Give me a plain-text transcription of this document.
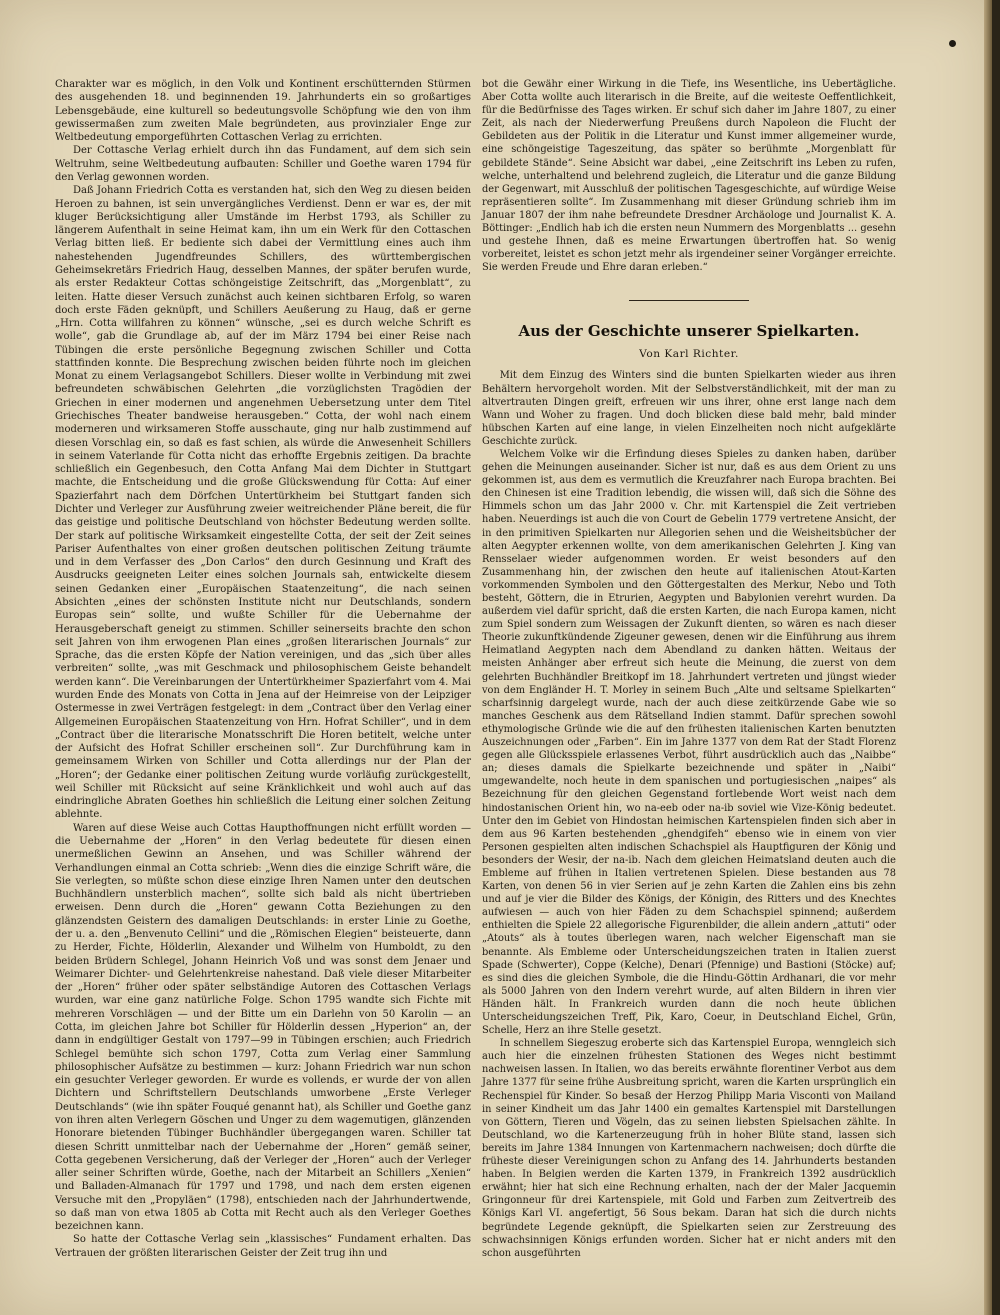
Charakter war es möglich, in den Volk und Kontinent erschütternden Stürmen des ausgehenden 18. und beginnenden 19. Jahrhunderts ein so großartiges Lebensgebäude, eine kulturell so bedeutungsvolle Schöpfung wie den von ihm gewissermaßen zum zweiten Male begründeten, aus provinzialer Enge zur Weltbedeutung emporgeführten Cottaschen Verlag zu errichten.

Der Cottasche Verlag erhielt durch ihn das Fundament, auf dem sich sein Weltruhm, seine Weltbedeutung aufbauten: Schiller und Goethe waren 1794 für den Verlag gewonnen worden.

Daß Johann Friedrich Cotta es verstanden hat, sich den Weg zu diesen beiden Heroen zu bahnen, ist sein unvergängliches Verdienst. Denn er war es, der mit kluger Berücksichtigung aller Umstände im Herbst 1793, als Schiller zu längerem Aufenthalt in seine Heimat kam, ihn um ein Werk für den Cottaschen Verlag bitten ließ. Er bediente sich dabei der Vermittlung eines auch ihm nahestehenden Jugendfreundes Schillers, des württembergischen Geheimsekretärs Friedrich Haug, desselben Mannes, der später berufen wurde, als erster Redakteur Cottas schöngeistige Zeitschrift, das „Morgenblatt“, zu leiten. Hatte dieser Versuch zunächst auch keinen sichtbaren Erfolg, so waren doch erste Fäden geknüpft, und Schillers Aeußerung zu Haug, daß er gerne „Hrn. Cotta willfahren zu können“ wünsche, „sei es durch welche Schrift es wolle“, gab die Grundlage ab, auf der im März 1794 bei einer Reise nach Tübingen die erste persönliche Begegnung zwischen Schiller und Cotta stattfinden konnte. Die Besprechung zwischen beiden führte noch im gleichen Monat zu einem Verlagsangebot Schillers. Dieser wollte in Verbindung mit zwei befreundeten schwäbischen Gelehrten „die vorzüglichsten Tragödien der Griechen in einer modernen und angenehmen Uebersetzung unter dem Titel Griechisches Theater bandweise herausgeben.“ Cotta, der wohl nach einem moderneren und wirksameren Stoffe ausschaute, ging nur halb zustimmend auf diesen Vorschlag ein, so daß es fast schien, als würde die Anwesenheit Schillers in seinem Vaterlande für Cotta nicht das erhoffte Ergebnis zeitigen. Da brachte schließlich ein Gegenbesuch, den Cotta Anfang Mai dem Dichter in Stuttgart machte, die Entscheidung und die große Glückswendung für Cotta: Auf einer Spazierfahrt nach dem Dörfchen Untertürkheim bei Stuttgart fanden sich Dichter und Verleger zur Ausführung zweier weitreichender Pläne bereit, die für das geistige und politische Deutschland von höchster Bedeutung werden sollte. Der stark auf politische Wirksamkeit eingestellte Cotta, der seit der Zeit seines Pariser Aufenthaltes von einer großen deutschen politischen Zeitung träumte und in dem Verfasser des „Don Carlos“ den durch Gesinnung und Kraft des Ausdrucks geeigneten Leiter eines solchen Journals sah, entwickelte diesem seinen Gedanken einer „Europäischen Staatenzeitung“, die nach seinen Absichten „eines der schönsten Institute nicht nur Deutschlands, sondern Europas sein“ sollte, und wußte Schiller für die Uebernahme der Herausgeberschaft geneigt zu stimmen. Schiller seinerseits brachte den schon seit Jahren von ihm erwogenen Plan eines „großen literarischen Journals“ zur Sprache, das die ersten Köpfe der Nation vereinigen, und das „sich über alles verbreiten“ sollte, „was mit Geschmack und philosophischem Geiste behandelt werden kann“. Die Vereinbarungen der Untertürkheimer Spazierfahrt vom 4. Mai wurden Ende des Monats von Cotta in Jena auf der Heimreise von der Leipziger Ostermesse in zwei Verträgen festgelegt: in dem „Contract über den Verlag einer Allgemeinen Europäischen Staatenzeitung von Hrn. Hofrat Schiller“, und in dem „Contract über die literarische Monatsschrift Die Horen betitelt, welche unter der Aufsicht des Hofrat Schiller erscheinen soll“. Zur Durchführung kam in gemeinsamem Wirken von Schiller und Cotta allerdings nur der Plan der „Horen“; der Gedanke einer politischen Zeitung wurde vorläufig zurückgestellt, weil Schiller mit Rücksicht auf seine Kränklichkeit und wohl auch auf das eindringliche Abraten Goethes hin schließlich die Leitung einer solchen Zeitung ablehnte.

Waren auf diese Weise auch Cottas Haupthoffnungen nicht erfüllt worden — die Uebernahme der „Horen“ in den Verlag bedeutete für diesen einen unermeßlichen Gewinn an Ansehen, und was Schiller während der Verhandlungen einmal an Cotta schrieb: „Wenn dies die einzige Schrift wäre, die Sie verlegten, so müßte schon diese einzige Ihren Namen unter den deutschen Buchhändlern unsterblich machen“, sollte sich bald als nicht übertrieben erweisen. Denn durch die „Horen“ gewann Cotta Beziehungen zu den glänzendsten Geistern des damaligen Deutschlands: in erster Linie zu Goethe, der u. a. den „Benvenuto Cellini“ und die „Römischen Elegien“ beisteuerte, dann zu Herder, Fichte, Hölderlin, Alexander und Wilhelm von Humboldt, zu den beiden Brüdern Schlegel, Johann Heinrich Voß und was sonst dem Jenaer und Weimarer Dichter- und Gelehrtenkreise nahestand. Daß viele dieser Mitarbeiter der „Horen“ früher oder später selbständige Autoren des Cottaschen Verlags wurden, war eine ganz natürliche Folge. Schon 1795 wandte sich Fichte mit mehreren Vorschlägen — und der Bitte um ein Darlehn von 50 Karolin — an Cotta, im gleichen Jahre bot Schiller für Hölderlin dessen „Hyperion“ an, der dann in endgültiger Gestalt von 1797—99 in Tübingen erschien; auch Friedrich Schlegel bemühte sich schon 1797, Cotta zum Verlag einer Sammlung philosophischer Aufsätze zu bestimmen — kurz: Johann Friedrich war nun schon ein gesuchter Verleger geworden. Er wurde es vollends, er wurde der von allen Dichtern und Schriftstellern Deutschlands umworbene „Erste Verleger Deutschlands“ (wie ihn später Fouqué genannt hat), als Schiller und Goethe ganz von ihren alten Verlegern Göschen und Unger zu dem wagemutigen, glänzenden Honorare bietenden Tübinger Buchhändler übergegangen waren. Schiller tat diesen Schritt unmittelbar nach der Uebernahme der „Horen“ gemäß seiner, Cotta gegebenen Versicherung, daß der Verleger der „Horen“ auch der Verleger aller seiner Schriften würde, Goethe, nach der Mitarbeit an Schillers „Xenien“ und Balladen-Almanach für 1797 und 1798, und nach dem ersten eigenen Versuche mit den „Propyläen“ (1798), entschieden nach der Jahrhundertwende, so daß man von etwa 1805 ab Cotta mit Recht auch als den Verleger Goethes bezeichnen kann.

So hatte der Cottasche Verlag sein „klassisches“ Fundament erhalten. Das Vertrauen der größten literarischen Geister der Zeit trug ihn und

bot die Gewähr einer Wirkung in die Tiefe, ins Wesentliche, ins Uebertägliche. Aber Cotta wollte auch literarisch in die Breite, auf die weiteste Oeffentlichkeit, für die Bedürfnisse des Tages wirken. Er schuf sich daher im Jahre 1807, zu einer Zeit, als nach der Niederwerfung Preußens durch Napoleon die Flucht der Gebildeten aus der Politik in die Literatur und Kunst immer allgemeiner wurde, eine schöngeistige Tageszeitung, das später so berühmte „Morgenblatt für gebildete Stände“. Seine Absicht war dabei, „eine Zeitschrift ins Leben zu rufen, welche, unterhaltend und belehrend zugleich, die Literatur und die ganze Bildung der Gegenwart, mit Ausschluß der politischen Tagesgeschichte, auf würdige Weise repräsentieren sollte“. Im Zusammenhang mit dieser Gründung schrieb ihm im Januar 1807 der ihm nahe befreundete Dresdner Archäologe und Journalist K. A. Böttinger: „Endlich hab ich die ersten neun Nummern des Morgenblatts ... gesehn und gestehe Ihnen, daß es meine Erwartungen übertroffen hat. So wenig vorbereitet, leistet es schon jetzt mehr als irgendeiner seiner Vorgänger erreichte. Sie werden Freude und Ehre daran erleben.“

Aus der Geschichte unserer Spielkarten.
Von Karl Richter.

Mit dem Einzug des Winters sind die bunten Spielkarten wieder aus ihren Behältern hervorgeholt worden. Mit der Selbstverständlichkeit, mit der man zu altvertrauten Dingen greift, erfreuen wir uns ihrer, ohne erst lange nach dem Wann und Woher zu fragen. Und doch blicken diese bald mehr, bald minder hübschen Karten auf eine lange, in vielen Einzelheiten noch nicht aufgeklärte Geschichte zurück.

Welchem Volke wir die Erfindung dieses Spieles zu danken haben, darüber gehen die Meinungen auseinander. Sicher ist nur, daß es aus dem Orient zu uns gekommen ist, aus dem es vermutlich die Kreuzfahrer nach Europa brachten. Bei den Chinesen ist eine Tradition lebendig, die wissen will, daß sich die Söhne des Himmels schon um das Jahr 2000 v. Chr. mit Kartenspiel die Zeit vertrieben haben. Neuerdings ist auch die von Court de Gebelin 1779 vertretene Ansicht, der in den primitiven Spielkarten nur Allegorien sehen und die Weisheitsbücher der alten Aegypter erkennen wollte, von dem amerikanischen Gelehrten J. King van Rensselaer wieder aufgenommen worden. Er weist besonders auf den Zusammenhang hin, der zwischen den heute auf italienischen Atout-Karten vorkommenden Symbolen und den Göttergestalten des Merkur, Nebo und Toth besteht, Göttern, die in Etrurien, Aegypten und Babylonien verehrt wurden. Da außerdem viel dafür spricht, daß die ersten Karten, die nach Europa kamen, nicht zum Spiel sondern zum Weissagen der Zukunft dienten, so wären es nach dieser Theorie zukunftkündende Zigeuner gewesen, denen wir die Einführung aus ihrem Heimatland Aegypten nach dem Abendland zu danken hätten. Weitaus der meisten Anhänger aber erfreut sich heute die Meinung, die zuerst von dem gelehrten Buchhändler Breitkopf im 18. Jahrhundert vertreten und jüngst wieder von dem Engländer H. T. Morley in seinem Buch „Alte und seltsame Spielkarten“ scharfsinnig dargelegt wurde, nach der auch diese zeitkürzende Gabe wie so manches Geschenk aus dem Rätselland Indien stammt. Dafür sprechen sowohl ethymologische Gründe wie die auf den frühesten italienischen Karten benutzten Auszeichnungen oder „Farben“. Ein im Jahre 1377 von dem Rat der Stadt Florenz gegen alle Glücksspiele erlassenes Verbot, führt ausdrücklich auch das „Naibbe“ an; dieses damals die Spielkarte bezeichnende und später in „Naibi“ umgewandelte, noch heute in dem spanischen und portugiesischen „naipes“ als Bezeichnung für den gleichen Gegenstand fortlebende Wort weist nach dem hindostanischen Orient hin, wo na-eeb oder na-ib soviel wie Vize-König bedeutet. Unter den im Gebiet von Hindostan heimischen Kartenspielen finden sich aber in dem aus 96 Karten bestehenden „ghendgifeh“ ebenso wie in einem von vier Personen gespielten alten indischen Schachspiel als Hauptfiguren der König und besonders der Wesir, der na-ib. Nach dem gleichen Heimatsland deuten auch die Embleme auf frühen in Italien vertretenen Spielen. Diese bestanden aus 78 Karten, von denen 56 in vier Serien auf je zehn Karten die Zahlen eins bis zehn und auf je vier die Bilder des Königs, der Königin, des Ritters und des Knechtes aufwiesen — auch von hier Fäden zu dem Schachspiel spinnend; außerdem enthielten die Spiele 22 allegorische Figurenbilder, die allein andern „attuti“ oder „Atouts“ als à toutes überlegen waren, nach welcher Eigenschaft man sie benannte. Als Embleme oder Unterscheidungszeichen traten in Italien zuerst Spade (Schwerter), Coppe (Kelche), Denari (Pfennige) und Bastioni (Stöcke) auf; es sind dies die gleichen Symbole, die die Hindu-Göttin Ardhanari, die vor mehr als 5000 Jahren von den Indern verehrt wurde, auf alten Bildern in ihren vier Händen hält. In Frankreich wurden dann die noch heute üblichen Unterscheidungszeichen Treff, Pik, Karo, Coeur, in Deutschland Eichel, Grün, Schelle, Herz an ihre Stelle gesetzt.

In schnellem Siegeszug eroberte sich das Kartenspiel Europa, wenngleich sich auch hier die einzelnen frühesten Stationen des Weges nicht bestimmt nachweisen lassen. In Italien, wo das bereits erwähnte florentiner Verbot aus dem Jahre 1377 für seine frühe Ausbreitung spricht, waren die Karten ursprünglich ein Rechenspiel für Kinder. So besaß der Herzog Philipp Maria Visconti von Mailand in seiner Kindheit um das Jahr 1400 ein gemaltes Kartenspiel mit Darstellungen von Göttern, Tieren und Vögeln, das zu seinen liebsten Spielsachen zählte. In Deutschland, wo die Kartenerzeugung früh in hoher Blüte stand, lassen sich bereits im Jahre 1384 Innungen von Kartenmachern nachweisen; doch dürfte die früheste dieser Vereinigungen schon zu Anfang des 14. Jahrhunderts bestanden haben. In Belgien werden die Karten 1379, in Frankreich 1392 ausdrücklich erwähnt; hier hat sich eine Rechnung erhalten, nach der der Maler Jacquemin Gringonneur für drei Kartenspiele, mit Gold und Farben zum Zeitvertreib des Königs Karl VI. angefertigt, 56 Sous bekam. Daran hat sich die durch nichts begründete Legende geknüpft, die Spielkarten seien zur Zerstreuung des schwachsinnigen Königs erfunden worden. Sicher hat er nicht anders mit den schon ausgeführten
